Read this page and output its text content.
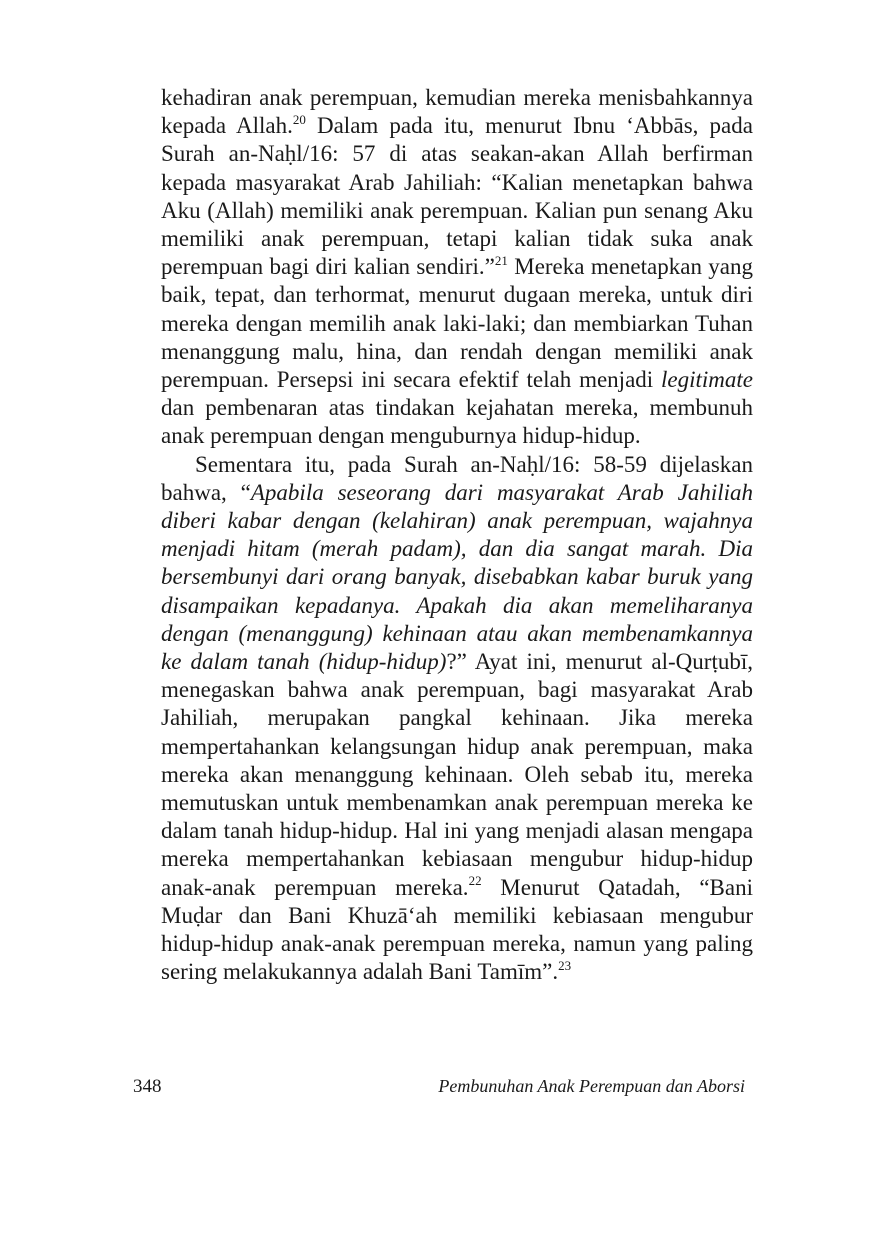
kehadiran anak perempuan, kemudian mereka menisbahkannya kepada Allah.$^{20}$ Dalam pada itu, menurut Ibnu ‘Abbās, pada Surah an-Naḥl/16: 57 di atas seakan-akan Allah berfirman kepada masyarakat Arab Jahiliah: “Kalian menetapkan bahwa Aku (Allah) memiliki anak perempuan. Kalian pun senang Aku memiliki anak perempuan, tetapi kalian tidak suka anak perempuan bagi diri kalian sendiri.”$^{21}$ Mereka menetapkan yang baik, tepat, dan terhormat, menurut dugaan mereka, untuk diri mereka dengan memilih anak laki-laki; dan membiarkan Tuhan menanggung malu, hina, dan rendah dengan memiliki anak perempuan. Persepsi ini secara efektif telah menjadi legitimate dan pembenaran atas tindakan kejahatan mereka, membunuh anak perempuan dengan menguburnya hidup-hidup.

Sementara itu, pada Surah an-Naḥl/16: 58-59 dijelaskan bahwa, “Apabila seseorang dari masyarakat Arab Jahiliah diberi kabar dengan (kelahiran) anak perempuan, wajahnya menjadi hitam (merah padam), dan dia sangat marah. Dia bersembunyi dari orang banyak, disebabkan kabar buruk yang disampaikan kepadanya. Apakah dia akan memeliharanya dengan (menanggung) kehinaan atau akan membenamkannya ke dalam tanah (hidup-hidup)?” Ayat ini, menurut al-Qurṭubī, menegaskan bahwa anak perempuan, bagi masyarakat Arab Jahiliah, merupakan pangkal kehinaan. Jika mereka mempertahankan kelangsungan hidup anak perempuan, maka mereka akan menanggung kehinaan. Oleh sebab itu, mereka memutuskan untuk membenamkan anak perempuan mereka ke dalam tanah hidup-hidup. Hal ini yang menjadi alasan mengapa mereka mempertahankan kebiasaan mengubur hidup-hidup anak-anak perempuan mereka.$^{22}$ Menurut Qatadah, “Bani Muḍar dan Bani Khuzā‘ah memiliki kebiasaan mengubur hidup-hidup anak-anak perempuan mereka, namun yang paling sering melakukannya adalah Bani Tamīm”.$^{23}$

348	Pembunuhan Anak Perempuan dan Aborsi
